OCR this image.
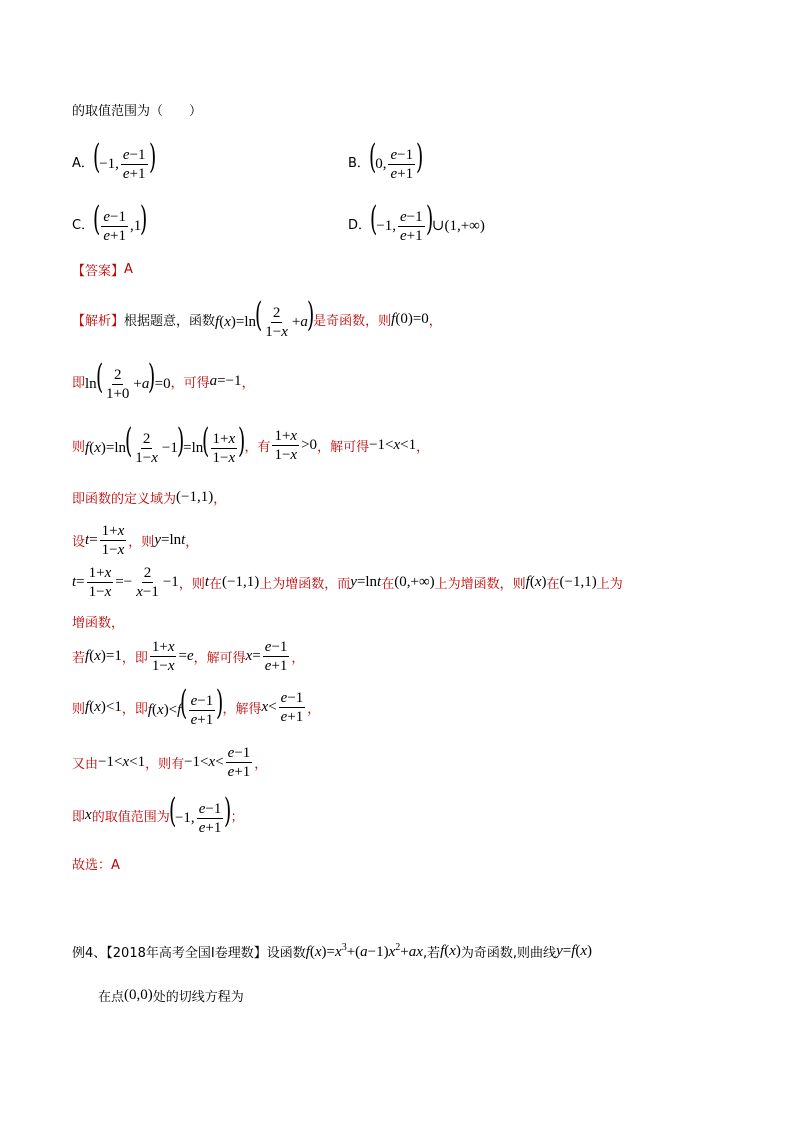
的取值范围为（　　）
A．
(−1, $\frac{e-1}{e+1}$ )	B．
(0, $\frac{e-1}{e+1}$ )
C．
( $\frac{e-1}{e+1} ,1$)	D．
(−1, $\frac{e-1}{e+1}$ )∪(1,+∞)
【答案】 A
【解析】 根据题意，函数 $f(x)=\ln( \frac{2}{1-x} +a)$
是奇函数，则 f(0)=0 ，
即 $\ln( \frac{2}{1+0} +a)=0$ ，可得 a=−1 ，
则 $f(x)=\ln( \frac{2}{1-x} -1)=\ln( \frac{1+x}{1-x}$ )
，有 $\frac{1+x}{1-x} >0$ ，解可得 −1<x<1 ，
即函数的定义域为 (−1,1) ，
设 $t= \frac{1+x}{1-x}$ ，则 y=lnt ，
$t= \frac{1+x}{1-x} =- \frac{2}{x-1} -1$ ，则 t 在 (−1,1) 上为增函数，而 y=lnt 在 (0,+∞) 上为增函数，则 f(x) 在 (−1,1) 上为
增函数，
若 f(x)=1 ，即 $\frac{1+x}{1-x} =e$ ，解可得 $x= \frac{e-1}{e+1}$ ，
则 f(x)<1 ，即 $f(x)<f( \frac{e-1}{e+1}$ )
，解得 $x< \frac{e-1}{e+1}$ ，
又由 −1<x<1 ，则有 $-1<x< \frac{e-1}{e+1}$ ，
即 x 的取值范围为
(−1, $\frac{e-1}{e+1}$ )
；
故选：A
例4、【2018年高考全国Ⅰ卷理数】设函数 $f(x)=x^3+(a-1)x^2+ax$ ,若 f(x) 为奇函数,则曲线 y=f(x)
在点 (0,0) 处的切线方程为
